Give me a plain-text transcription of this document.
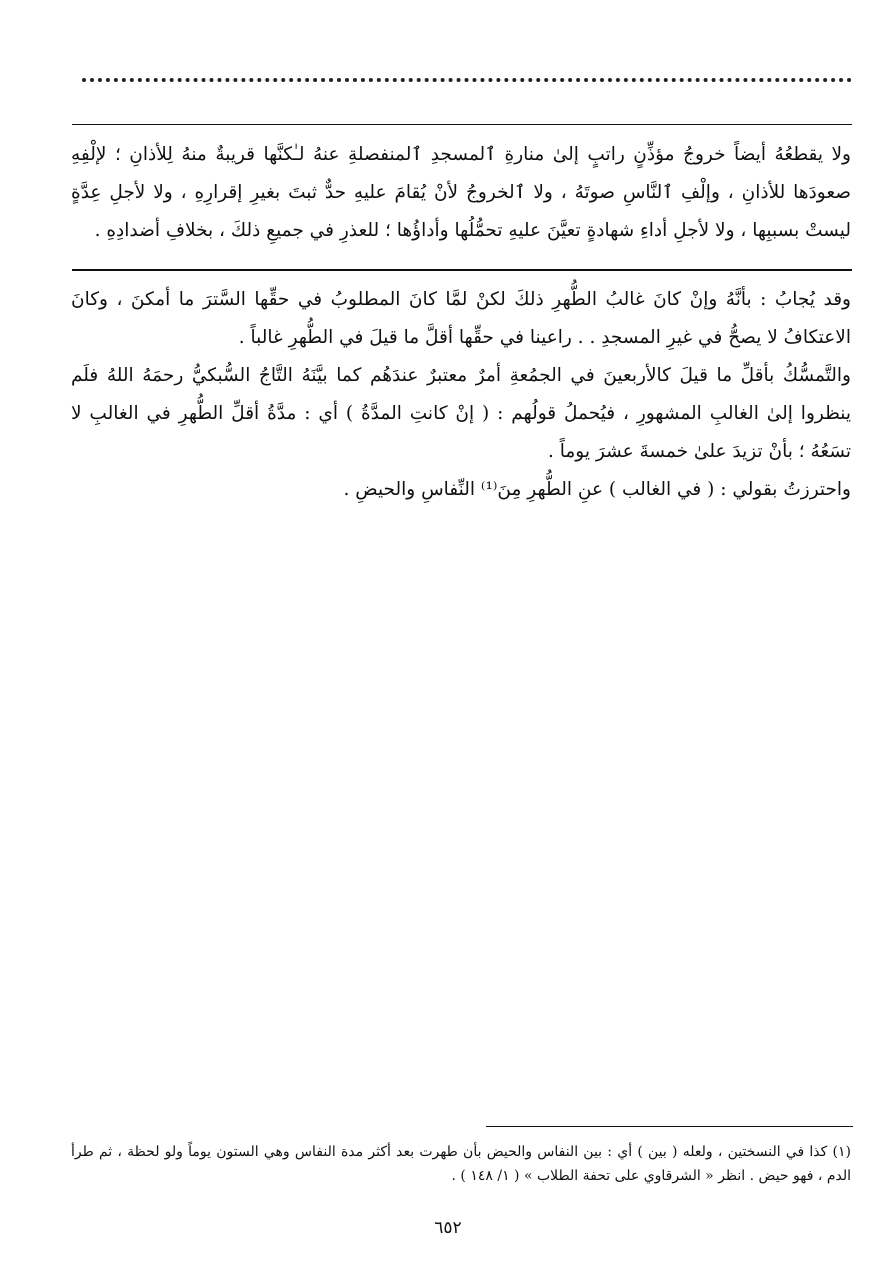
ولا يقطعُهُ أيضاً خروجُ مؤذِّنٍ راتبٍ إلىٰ منارةِ ٱلمسجدِ ٱلمنفصلةِ عنهُ لـٰكنَّها قريبةٌ منهُ لِلأذانِ ؛ لإلْفِهِ صعودَها للأذانِ ، وإلْفِ ٱلنَّاسِ صوتَهُ ، ولا ٱلخروجُ لأنْ يُقامَ عليهِ حدٌّ ثبتَ بغيرِ إقرارِهِ ، ولا لأجلِ عِدَّةٍ ليستْ بسببِها ، ولا لأجلِ أداءِ شهادةٍ تعيَّنَ عليهِ تحمُّلُها وأداؤُها ؛ للعذرِ في جميعِ ذلكَ ، بخلافِ أضدادِهِ .

وقد يُجابُ : بأنَّهُ وإنْ كانَ غالبُ الطُّهرِ ذلكَ لكنْ لمَّا كانَ المطلوبُ في حقِّها السَّترَ ما أمكنَ ، وكانَ الاعتكافُ لا يصحُّ في غيرِ المسجدِ . . راعينا في حقِّها أقلَّ ما قيلَ في الطُّهرِ غالباً .

والتَّمسُّكُ بأقلِّ ما قيلَ كالأربعينَ في الجمُعةِ أمرٌ معتبرٌ عندَهُم كما بيَّنَهُ التَّاجُ السُّبكيُّ رحمَهُ اللهُ فلَم ينظروا إلىٰ الغالبِ المشهورِ ، فيُحملُ قولُهم : ( إنْ كانتِ المدَّةُ ) أي : مدَّةُ أقلِّ الطُّهرِ في الغالبِ لا تسَعُهُ ؛ بأنْ تزيدَ علىٰ خمسةَ عشرَ يوماً .

واحترزتُ بقولي : ( في الغالب ) عنِ الطُّهرِ مِنَ⁽¹⁾ النِّفاسِ والحيضِ .

(١) كذا في النسختين ، ولعله ( بين ) أي : بين النفاس والحيض بأن طهرت بعد أكثر مدة النفاس وهي الستون يوماً ولو لحظة ، ثم طرأ الدم ، فهو حيض . انظر « الشرقاوي على تحفة الطلاب » ( ١/ ١٤٨ ) .

٦٥٢
